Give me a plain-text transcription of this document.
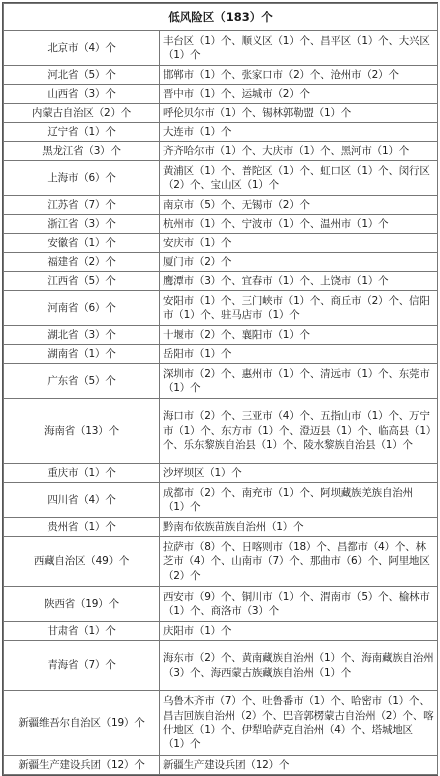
低风险区（183）个	
北京市（4）个	丰台区（1）个、顺义区（1）个、昌平区（1）个、大兴区（1）个
河北省（5）个	邯郸市（1）个、张家口市（2）个、沧州市（2）个
山西省（3）个	晋中市（1）个、运城市（2）个
内蒙古自治区（2）个	呼伦贝尔市（1）个、锡林郭勒盟（1）个
辽宁省（1）个	大连市（1）个
黑龙江省（3）个	齐齐哈尔市（1）个、大庆市（1）个、黑河市（1）个
上海市（6）个	黄浦区（1）个、普陀区（1）个、虹口区（1）个、闵行区（2）个、宝山区（1）个
江苏省（7）个	南京市（5）个、无锡市（2）个
浙江省（3）个	杭州市（1）个、宁波市（1）个、温州市（1）个
安徽省（1）个	安庆市（1）个
福建省（2）个	厦门市（2）个
江西省（5）个	鹰潭市（3）个、宜春市（1）个、上饶市（1）个
河南省（6）个	安阳市（1）个、三门峡市（1）个、商丘市（2）个、信阳市（1）个、驻马店市（1）个
湖北省（3）个	十堰市（2）个、襄阳市（1）个
湖南省（1）个	岳阳市（1）个
广东省（5）个	深圳市（2）个、惠州市（1）个、清远市（1）个、东莞市（1）个
海南省（13）个	海口市（2）个、三亚市（4）个、五指山市（1）个、万宁市（1）个、东方市（1）个、澄迈县（1）个、临高县（1）个、乐东黎族自治县（1）个、陵水黎族自治县（1）个
重庆市（1）个	沙坪坝区（1）个
四川省（4）个	成都市（2）个、南充市（1）个、阿坝藏族羌族自治州（1）个
贵州省（1）个	黔南布依族苗族自治州（1）个
西藏自治区（49）个	拉萨市（8）个、日喀则市（18）个、昌都市（4）个、林芝市（4）个、山南市（7）个、那曲市（6）个、阿里地区（2）个
陕西省（19）个	西安市（9）个、铜川市（1）个、渭南市（5）个、榆林市（1）个、商洛市（3）个
甘肃省（1）个	庆阳市（1）个
青海省（7）个	海东市（2）个、黄南藏族自治州（1）个、海南藏族自治州（3）个、海西蒙古族藏族自治州（1）个
新疆维吾尔自治区（19）个	乌鲁木齐市（7）个、吐鲁番市（1）个、哈密市（1）个、昌吉回族自治州（2）个、巴音郭楞蒙古自治州（2）个、喀什地区（1）个、伊犁哈萨克自治州（4）个、塔城地区（1）个
新疆生产建设兵团（12）个	新疆生产建设兵团（12）个
